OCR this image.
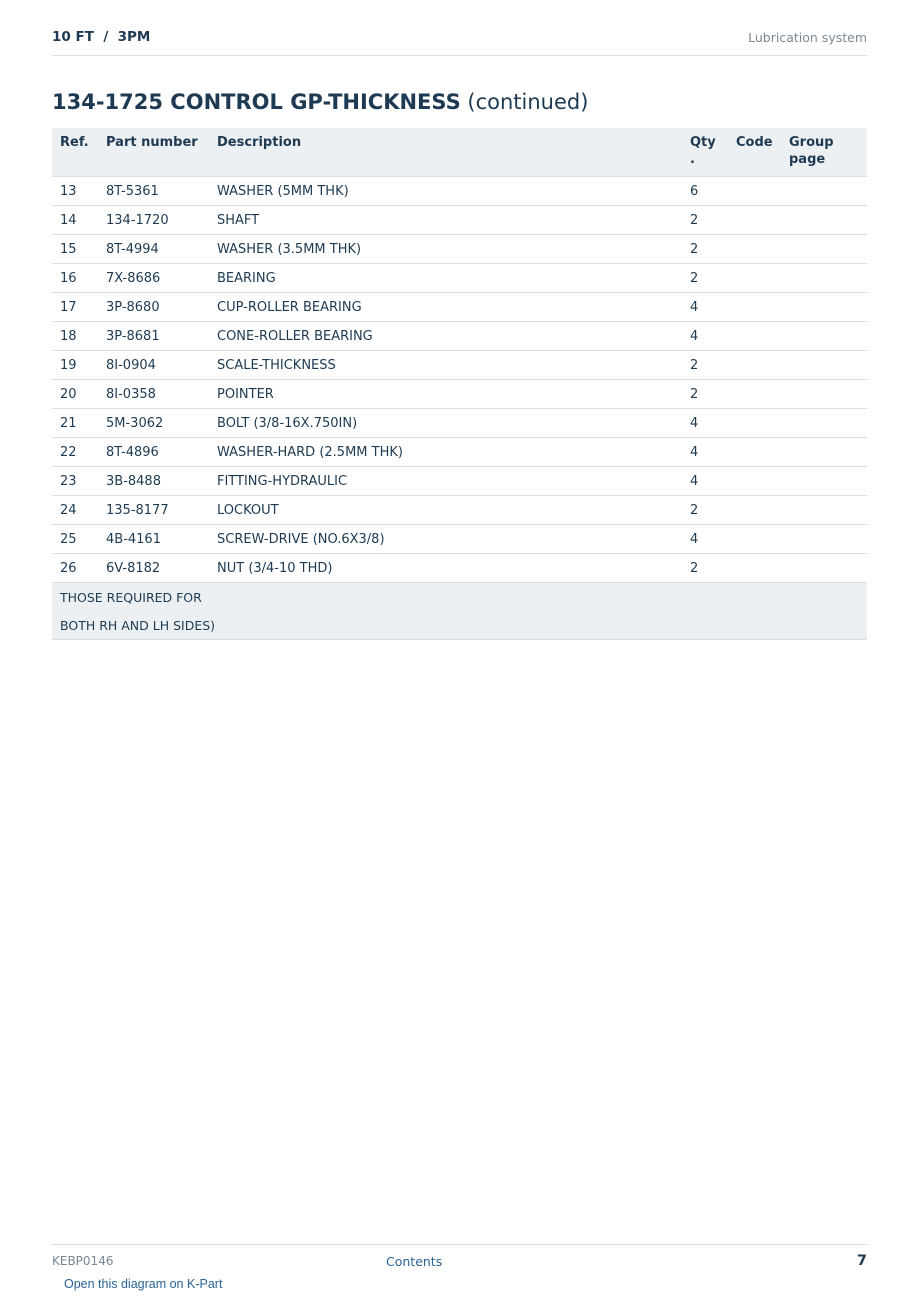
10 FT  /  3PM	Lubrication system
134-1725 CONTROL GP-THICKNESS (continued)
Ref.	Part number	Description	Qty .	Code	Group page
13	8T-5361	WASHER (5MM THK)	6		
14	134-1720	SHAFT	2		
15	8T-4994	WASHER (3.5MM THK)	2		
16	7X-8686	BEARING	2		
17	3P-8680	CUP-ROLLER BEARING	4		
18	3P-8681	CONE-ROLLER BEARING	4		
19	8I-0904	SCALE-THICKNESS	2		
20	8I-0358	POINTER	2		
21	5M-3062	BOLT (3/8-16X.750IN)	4		
22	8T-4896	WASHER-HARD (2.5MM THK)	4		
23	3B-8488	FITTING-HYDRAULIC	4		
24	135-8177	LOCKOUT	2		
25	4B-4161	SCREW-DRIVE (NO.6X3/8)	4		
26	6V-8182	NUT (3/4-10 THD)	2		
THOSE REQUIRED FOR					
BOTH RH AND LH SIDES)					
KEBP0146	Contents	7
Open this diagram on K-Part
